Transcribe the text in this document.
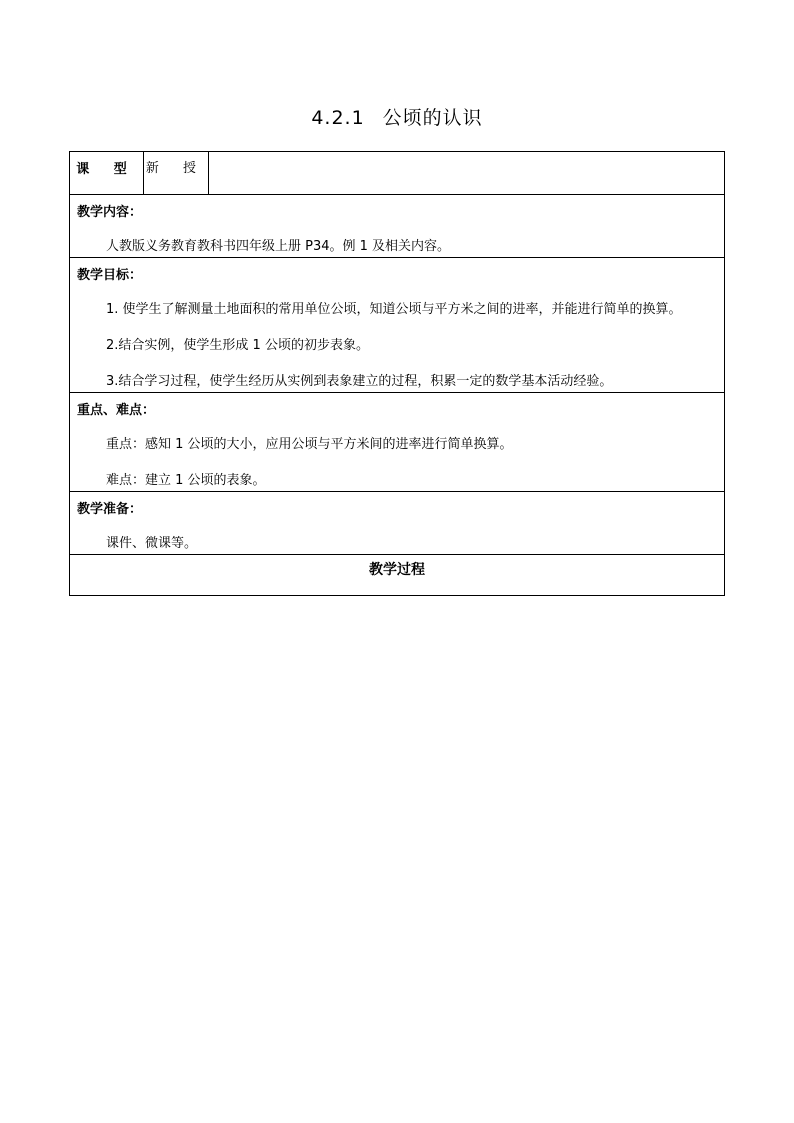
4.2.1 公顷的认识
课 型	新 授	

教学内容：
人教版义务教育教科书四年级上册 P34。例 1 及相关内容。

教学目标：
1. 使学生了解测量土地面积的常用单位公顷，知道公顷与平方米之间的进率，并能进行简单的换算。
2.结合实例，使学生形成 1 公顷的初步表象。
3.结合学习过程，使学生经历从实例到表象建立的过程，积累一定的数学基本活动经验。

重点、难点：
重点：感知 1 公顷的大小，应用公顷与平方米间的进率进行简单换算。
难点：建立 1 公顷的表象。

教学准备：
课件、微课等。

教学过程
